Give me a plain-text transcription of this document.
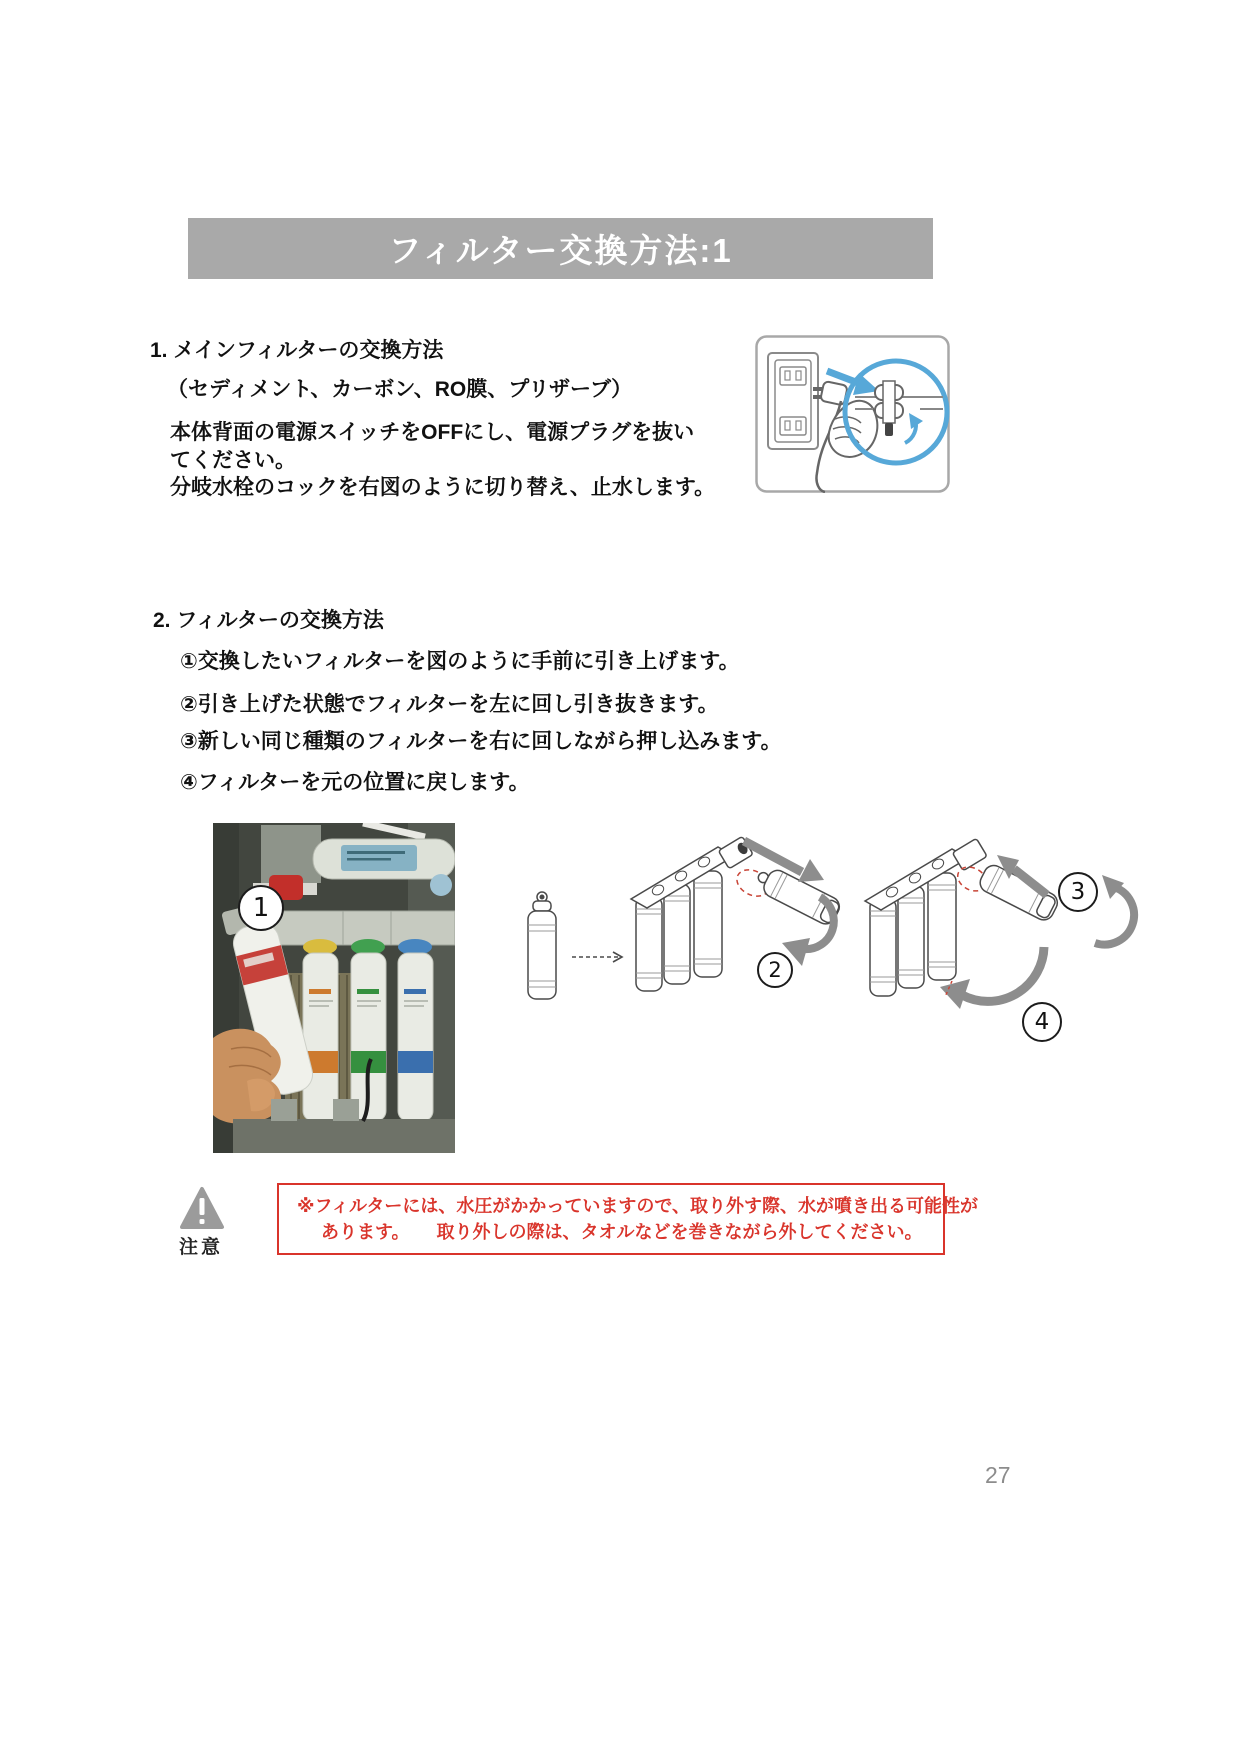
フィルター交換方法:1
1. メインフィルターの交換方法
（セディメント、カーボン、RO膜、プリザーブ）
本体背面の電源スイッチをOFFにし、電源プラグを抜い
てください。
分岐水栓のコックを右図のように切り替え、止水します。
2. フィルターの交換方法
①交換したいフィルターを図のように手前に引き上げます。
②引き上げた状態でフィルターを左に回し引き抜きます。
③新しい同じ種類のフィルターを右に回しながら押し込みます。
④フィルターを元の位置に戻します。
1
2
3
4
注意
※フィルターには、水圧がかかっていますので、取り外す際、水が噴き出る可能性が
あります。　　取り外しの際は、タオルなどを巻きながら外してください。
27
